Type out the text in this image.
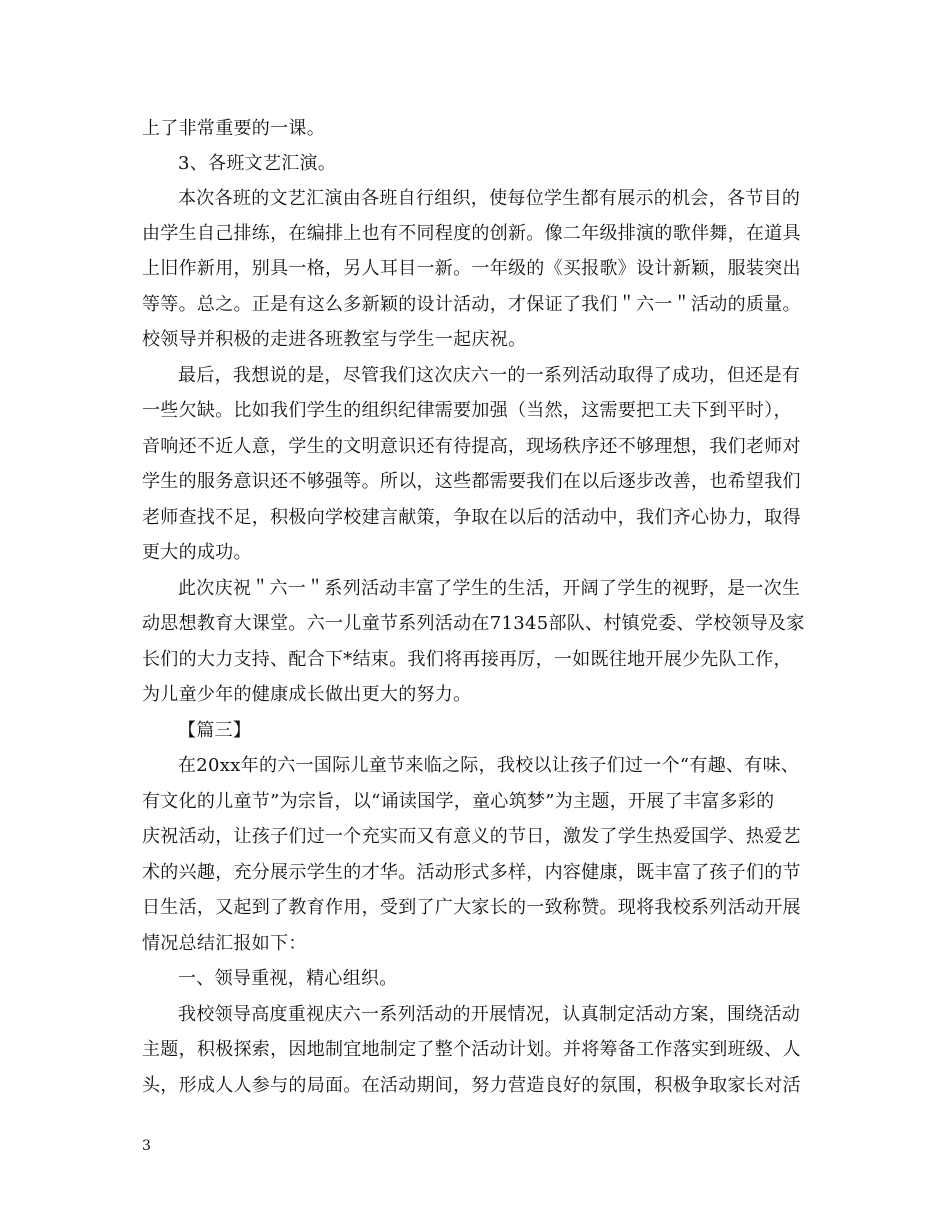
上了非常重要的一课。
3、各班文艺汇演。
本次各班的文艺汇演由各班自行组织，使每位学生都有展示的机会，各节目的
由学生自己排练，在编排上也有不同程度的创新。像二年级排演的歌伴舞，在道具
上旧作新用，别具一格，另人耳目一新。一年级的《买报歌》设计新颖，服装突出
等等。总之。正是有这么多新颖的设计活动，才保证了我们＂六一＂活动的质量。
校领导并积极的走进各班教室与学生一起庆祝。
最后，我想说的是，尽管我们这次庆六一的一系列活动取得了成功，但还是有
一些欠缺。比如我们学生的组织纪律需要加强（当然，这需要把工夫下到平时），
音响还不近人意，学生的文明意识还有待提高，现场秩序还不够理想，我们老师对
学生的服务意识还不够强等。所以，这些都需要我们在以后逐步改善，也希望我们
老师查找不足，积极向学校建言献策，争取在以后的活动中，我们齐心协力，取得
更大的成功。
此次庆祝＂六一＂系列活动丰富了学生的生活，开阔了学生的视野，是一次生
动思想教育大课堂。六一儿童节系列活动在71345部队、村镇党委、学校领导及家
长们的大力支持、配合下*结束。我们将再接再厉，一如既往地开展少先队工作，
为儿童少年的健康成长做出更大的努力。
【篇三】
在20xx年的六一国际儿童节来临之际，我校以让孩子们过一个“有趣、有味、
有文化的儿童节”为宗旨，以“诵读国学，童心筑梦”为主题，开展了丰富多彩的
庆祝活动，让孩子们过一个充实而又有意义的节日，激发了学生热爱国学、热爱艺
术的兴趣，充分展示学生的才华。活动形式多样，内容健康，既丰富了孩子们的节
日生活，又起到了教育作用，受到了广大家长的一致称赞。现将我校系列活动开展
情况总结汇报如下：
一、领导重视，精心组织。
我校领导高度重视庆六一系列活动的开展情况，认真制定活动方案，围绕活动
主题，积极探索，因地制宜地制定了整个活动计划。并将筹备工作落实到班级、人
头，形成人人参与的局面。在活动期间，努力营造良好的氛围，积极争取家长对活
3
